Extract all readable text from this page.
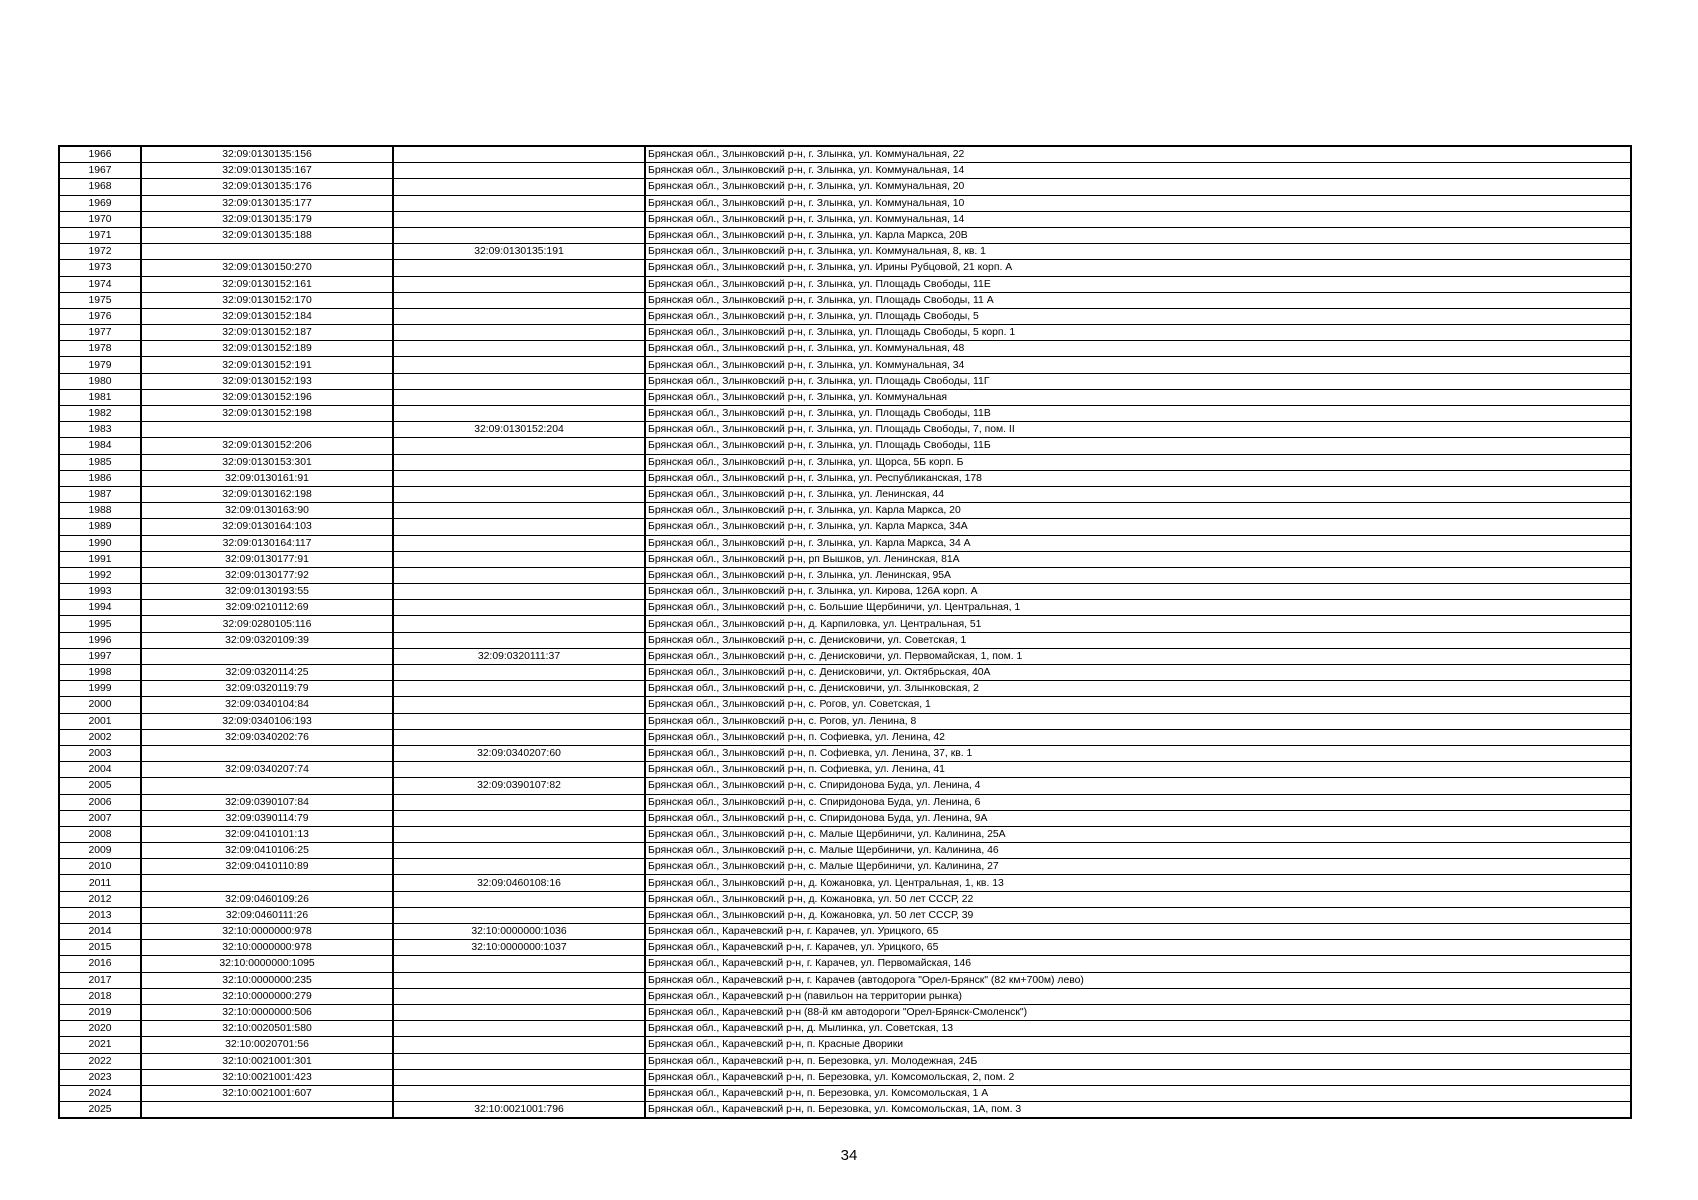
1966	32:09:0130135:156		Брянская обл., Злынковский р-н, г. Злынка, ул. Коммунальная, 22
1967	32:09:0130135:167		Брянская обл., Злынковский р-н, г. Злынка, ул. Коммунальная, 14
1968	32:09:0130135:176		Брянская обл., Злынковский р-н, г. Злынка, ул. Коммунальная, 20
1969	32:09:0130135:177		Брянская обл., Злынковский р-н, г. Злынка, ул. Коммунальная, 10
1970	32:09:0130135:179		Брянская обл., Злынковский р-н, г. Злынка, ул. Коммунальная, 14
1971	32:09:0130135:188		Брянская обл., Злынковский р-н, г. Злынка, ул. Карла Маркса, 20В
1972		32:09:0130135:191	Брянская обл., Злынковский р-н, г. Злынка, ул. Коммунальная, 8, кв. 1
1973	32:09:0130150:270		Брянская обл., Злынковский р-н, г. Злынка, ул. Ирины Рубцовой, 21 корп. А
1974	32:09:0130152:161		Брянская обл., Злынковский р-н, г. Злынка, ул. Площадь Свободы, 11Е
1975	32:09:0130152:170		Брянская обл., Злынковский р-н, г. Злынка, ул. Площадь Свободы, 11 А
1976	32:09:0130152:184		Брянская обл., Злынковский р-н, г. Злынка, ул. Площадь Свободы, 5
1977	32:09:0130152:187		Брянская обл., Злынковский р-н, г. Злынка, ул. Площадь Свободы, 5 корп. 1
1978	32:09:0130152:189		Брянская обл., Злынковский р-н, г. Злынка, ул. Коммунальная, 48
1979	32:09:0130152:191		Брянская обл., Злынковский р-н, г. Злынка, ул. Коммунальная, 34
1980	32:09:0130152:193		Брянская обл., Злынковский р-н, г. Злынка, ул. Площадь Свободы, 11Г
1981	32:09:0130152:196		Брянская обл., Злынковский р-н, г. Злынка, ул. Коммунальная
1982	32:09:0130152:198		Брянская обл., Злынковский р-н, г. Злынка, ул. Площадь Свободы, 11В
1983		32:09:0130152:204	Брянская обл., Злынковский р-н, г. Злынка, ул. Площадь Свободы, 7, пом. II
1984	32:09:0130152:206		Брянская обл., Злынковский р-н, г. Злынка, ул. Площадь Свободы, 11Б
1985	32:09:0130153:301		Брянская обл., Злынковский р-н, г. Злынка, ул. Щорса, 5Б корп. Б
1986	32:09:0130161:91		Брянская обл., Злынковский р-н, г. Злынка, ул. Республиканская, 178
1987	32:09:0130162:198		Брянская обл., Злынковский р-н, г. Злынка, ул. Ленинская, 44
1988	32:09:0130163:90		Брянская обл., Злынковский р-н, г. Злынка, ул. Карла Маркса, 20
1989	32:09:0130164:103		Брянская обл., Злынковский р-н, г. Злынка, ул. Карла Маркса, 34А
1990	32:09:0130164:117		Брянская обл., Злынковский р-н, г. Злынка, ул. Карла Маркса, 34 А
1991	32:09:0130177:91		Брянская обл., Злынковский р-н, рп Вышков, ул. Ленинская, 81А
1992	32:09:0130177:92		Брянская обл., Злынковский р-н, г. Злынка, ул. Ленинская, 95А
1993	32:09:0130193:55		Брянская обл., Злынковский р-н, г. Злынка, ул. Кирова, 126А корп. А
1994	32:09:0210112:69		Брянская обл., Злынковский р-н, с. Большие Щербиничи, ул. Центральная, 1
1995	32:09:0280105:116		Брянская обл., Злынковский р-н, д. Карпиловка, ул. Центральная, 51
1996	32:09:0320109:39		Брянская обл., Злынковский р-н, с. Денисковичи, ул. Советская, 1
1997		32:09:0320111:37	Брянская обл., Злынковский р-н, с. Денисковичи, ул. Первомайская, 1, пом. 1
1998	32:09:0320114:25		Брянская обл., Злынковский р-н, с. Денисковичи, ул. Октябрьская, 40А
1999	32:09:0320119:79		Брянская обл., Злынковский р-н, с. Денисковичи, ул. Злынковская, 2
2000	32:09:0340104:84		Брянская обл., Злынковский р-н, с. Рогов, ул. Советская, 1
2001	32:09:0340106:193		Брянская обл., Злынковский р-н, с. Рогов, ул. Ленина, 8
2002	32:09:0340202:76		Брянская обл., Злынковский р-н, п. Софиевка, ул. Ленина, 42
2003		32:09:0340207:60	Брянская обл., Злынковский р-н, п. Софиевка, ул. Ленина, 37, кв. 1
2004	32:09:0340207:74		Брянская обл., Злынковский р-н, п. Софиевка, ул. Ленина, 41
2005		32:09:0390107:82	Брянская обл., Злынковский р-н, с. Спиридонова Буда, ул. Ленина, 4
2006	32:09:0390107:84		Брянская обл., Злынковский р-н, с. Спиридонова Буда, ул. Ленина, 6
2007	32:09:0390114:79		Брянская обл., Злынковский р-н, с. Спиридонова Буда, ул. Ленина, 9А
2008	32:09:0410101:13		Брянская обл., Злынковский р-н, с. Малые Щербиничи, ул. Калинина, 25А
2009	32:09:0410106:25		Брянская обл., Злынковский р-н, с. Малые Щербиничи, ул. Калинина, 46
2010	32:09:0410110:89		Брянская обл., Злынковский р-н, с. Малые Щербиничи, ул. Калинина, 27
2011		32:09:0460108:16	Брянская обл., Злынковский р-н, д. Кожановка, ул. Центральная, 1, кв. 13
2012	32:09:0460109:26		Брянская обл., Злынковский р-н, д. Кожановка, ул. 50 лет СССР, 22
2013	32:09:0460111:26		Брянская обл., Злынковский р-н, д. Кожановка, ул. 50 лет СССР, 39
2014	32:10:0000000:978	32:10:0000000:1036	Брянская обл., Карачевский р-н, г. Карачев, ул. Урицкого, 65
2015	32:10:0000000:978	32:10:0000000:1037	Брянская обл., Карачевский р-н, г. Карачев, ул. Урицкого, 65
2016	32:10:0000000:1095		Брянская обл., Карачевский р-н, г. Карачев, ул. Первомайская, 146
2017	32:10:0000000:235		Брянская обл., Карачевский р-н, г. Карачев (автодорога "Орел-Брянск" (82 км+700м) лево)
2018	32:10:0000000:279		Брянская обл., Карачевский р-н (павильон на территории рынка)
2019	32:10:0000000:506		Брянская обл., Карачевский р-н (88-й км автодороги "Орел-Брянск-Смоленск")
2020	32:10:0020501:580		Брянская обл., Карачевский р-н, д. Мылинка, ул. Советская, 13
2021	32:10:0020701:56		Брянская обл., Карачевский р-н, п. Красные Дворики
2022	32:10:0021001:301		Брянская обл., Карачевский р-н, п. Березовка, ул. Молодежная, 24Б
2023	32:10:0021001:423		Брянская обл., Карачевский р-н, п. Березовка, ул. Комсомольская, 2, пом. 2
2024	32:10:0021001:607		Брянская обл., Карачевский р-н, п. Березовка, ул. Комсомольская, 1 А
2025		32:10:0021001:796	Брянская обл., Карачевский р-н, п. Березовка, ул. Комсомольская, 1А, пом. 3
34
